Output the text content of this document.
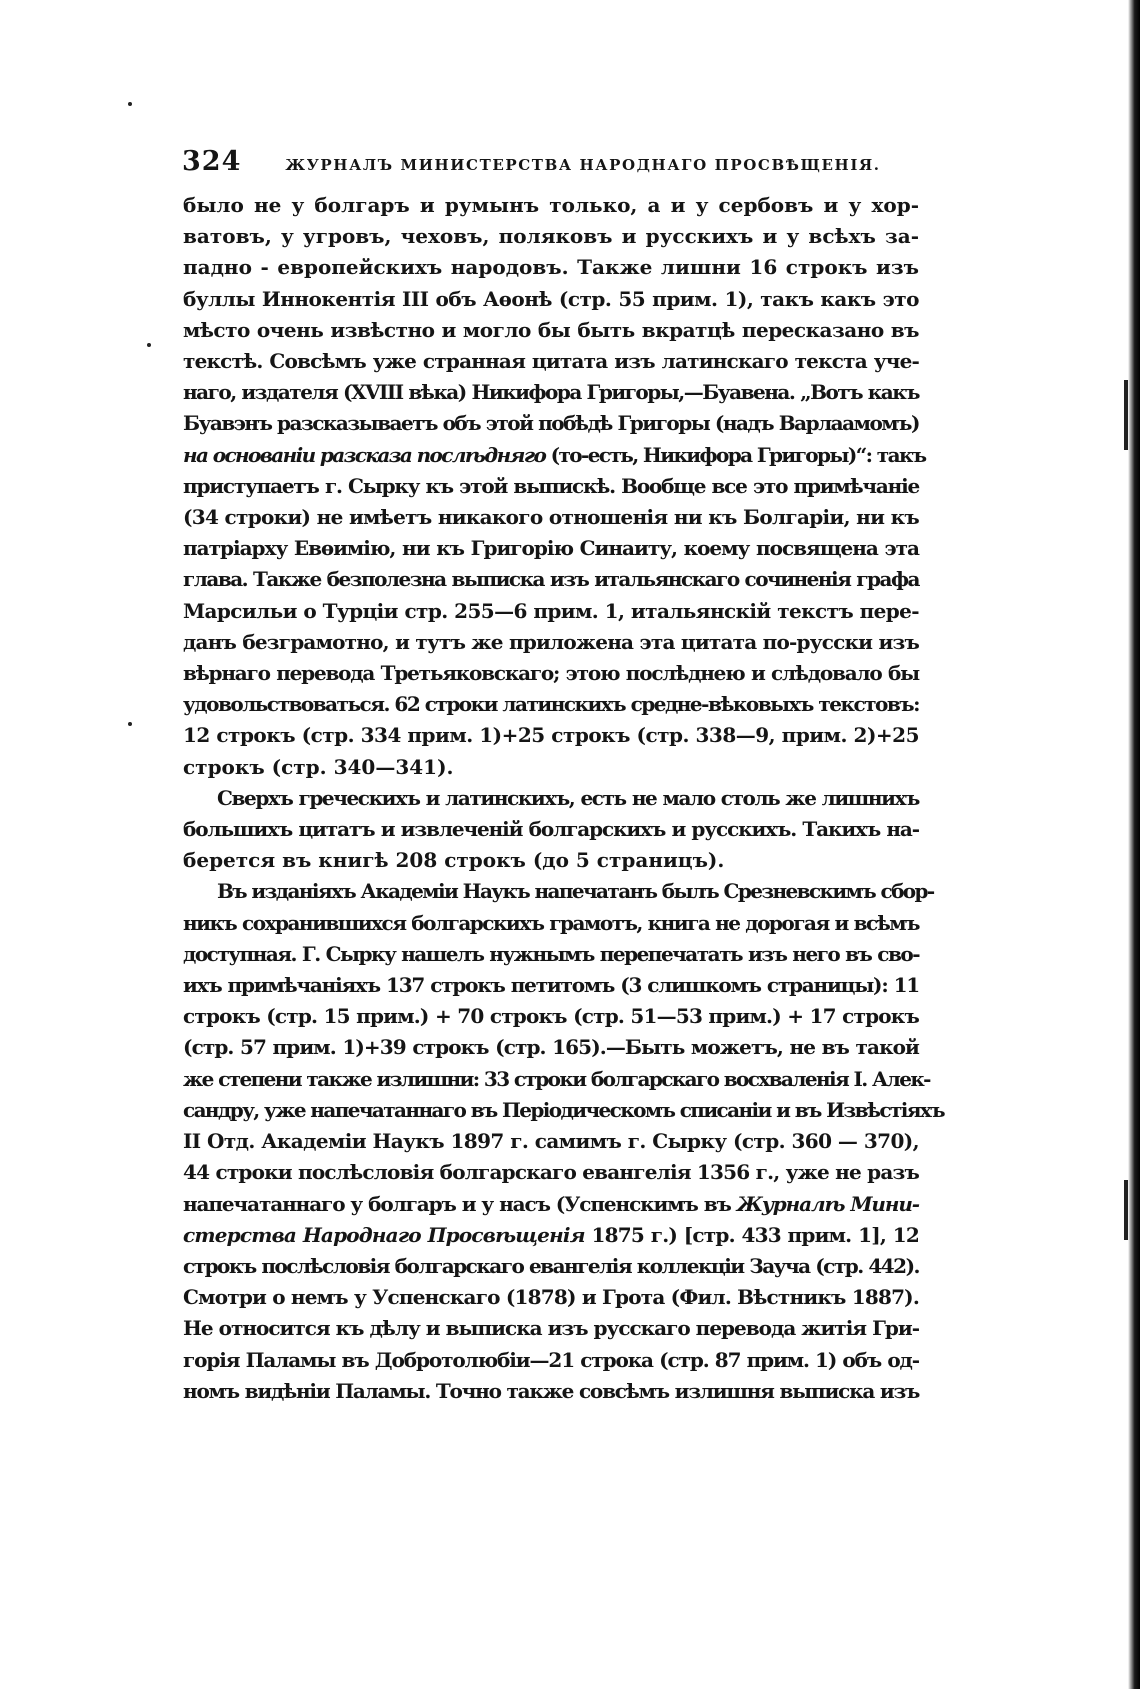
324	ЖУРНАЛЪ МИНИСТЕРСТВА НАРОДНАГО ПРОСВѢЩЕНІЯ.

было не у болгаръ и румынъ только, а и у сербовъ и у хор-
ватовъ, у угровъ, чеховъ, поляковъ и русскихъ и у всѣхъ за-
падно - европейскихъ народовъ. Также лишни 16 строкъ изъ
буллы Иннокентія III объ Аѳонѣ (стр. 55 прим. 1), такъ какъ это
мѣсто очень извѣстно и могло бы быть вкратцѣ пересказано въ
текстѣ. Совсѣмъ уже странная цитата изъ латинскаго текста уче-
наго, издателя (XVIII вѣка) Никифора Григоры,—Буавена. „Вотъ какъ
Буавэнъ разсказываетъ объ этой побѣдѣ Григоры (надъ Варлаамомъ)
на основаніи разсказа послѣдняго (то-есть, Никифора Григоры)“: такъ
приступаетъ г. Сырку къ этой выпискѣ. Вообще все это примѣчаніе
(34 строки) не имѣетъ никакого отношенія ни къ Болгаріи, ни къ
патріарху Евѳимію, ни къ Григорію Синаиту, коему посвящена эта
глава. Также безполезна выписка изъ итальянскаго сочиненія графа
Марсильи о Турціи стр. 255—6 прим. 1, итальянскій текстъ пере-
данъ безграмотно, и тутъ же приложена эта цитата по-русски изъ
вѣрнаго перевода Третьяковскаго; этою послѣднею и слѣдовало бы
удовольствоваться. 62 строки латинскихъ средне-вѣковыхъ текстовъ:
12 строкъ (стр. 334 прим. 1)+25 строкъ (стр. 338—9, прим. 2)+25
строкъ (стр. 340—341).

Сверхъ греческихъ и латинскихъ, есть не мало столь же лишнихъ
большихъ цитатъ и извлеченій болгарскихъ и русскихъ. Такихъ на-
берется въ книгѣ 208 строкъ (до 5 страницъ).

Въ изданіяхъ Академіи Наукъ напечатанъ былъ Срезневскимъ сбор-
никъ сохранившихся болгарскихъ грамотъ, книга не дорогая и всѣмъ
доступная. Г. Сырку нашелъ нужнымъ перепечатать изъ него въ сво-
ихъ примѣчаніяхъ 137 строкъ петитомъ (3 слишкомъ страницы): 11
строкъ (стр. 15 прим.) + 70 строкъ (стр. 51—53 прим.) + 17 строкъ
(стр. 57 прим. 1)+39 строкъ (стр. 165).—Быть можетъ, не въ такой
же степени также излишни: 33 строки болгарскаго восхваленія I. Алек-
сандру, уже напечатаннаго въ Періодическомъ списаніи и въ Извѣстіяхъ
II Отд. Академіи Наукъ 1897 г. самимъ г. Сырку (стр. 360 — 370),
44 строки послѣсловія болгарскаго евангелія 1356 г., уже не разъ
напечатаннаго у болгаръ и у насъ (Успенскимъ въ Журналѣ Мини-
стерства Народнаго Просвѣщенія 1875 г.) [стр. 433 прим. 1], 12
строкъ послѣсловія болгарскаго евангелія коллекціи Зауча (стр. 442).
Смотри о немъ у Успенскаго (1878) и Грота (Фил. Вѣстникъ 1887).
Не относится къ дѣлу и выписка изъ русскаго перевода житія Гри-
горія Паламы въ Добротолюбіи—21 строка (стр. 87 прим. 1) объ од-
номъ видѣніи Паламы. Точно также совсѣмъ излишня выписка изъ
